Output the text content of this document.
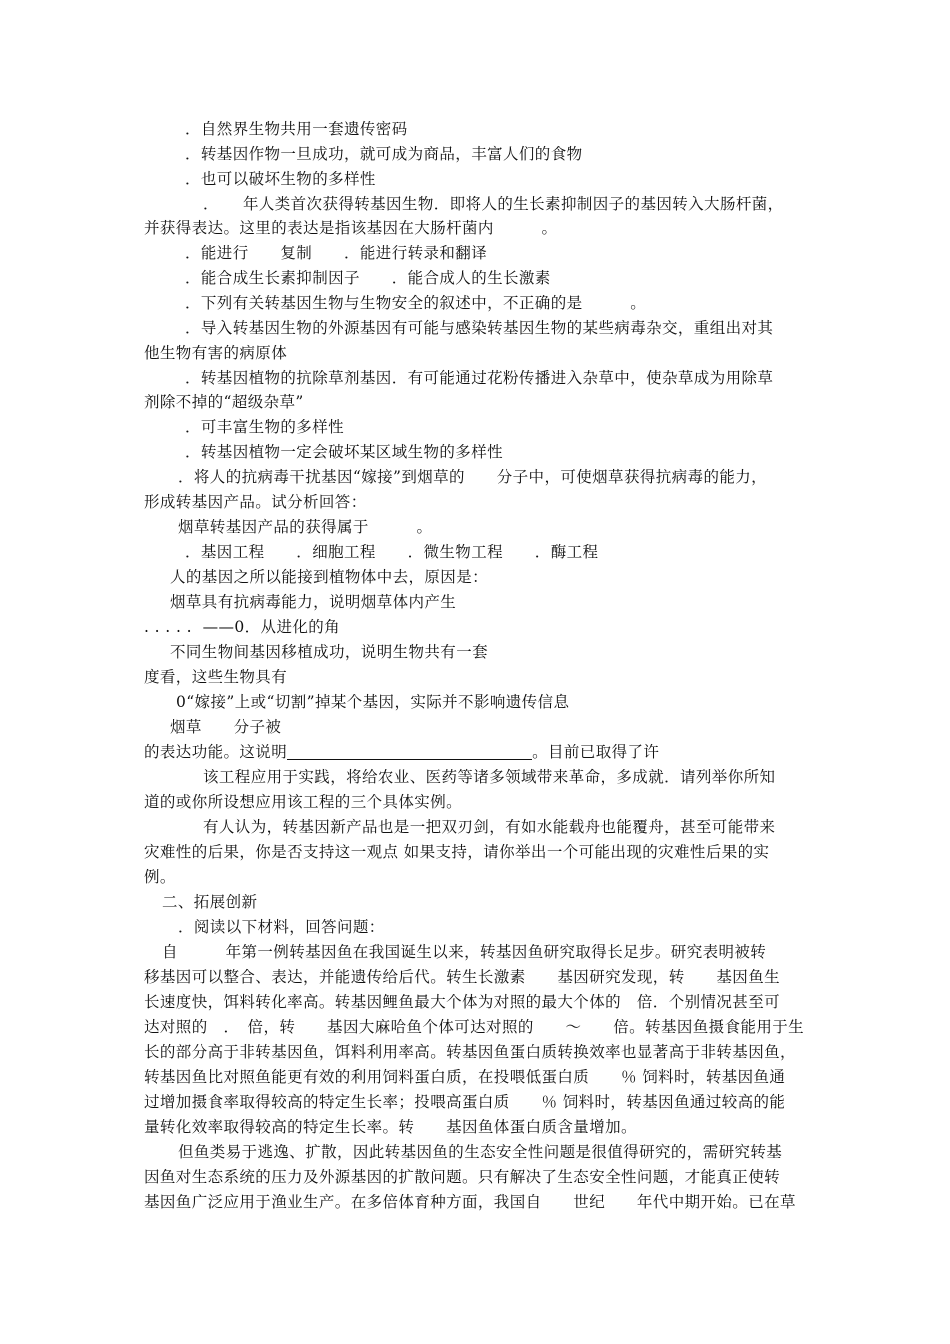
．自然界生物共用一套遗传密码

．转基因作物一旦成功，就可成为商品，丰富人们的食物

．也可以破坏生物的多样性

．　　年人类首次获得转基因生物．即将人的生长素抑制因子的基因转入大肠杆菌，

并获得表达。这里的表达是指该基因在大肠杆菌内　　　。

．能进行　　复制　　．能进行转录和翻译

．能合成生长素抑制因子　　．能合成人的生长激素

．下列有关转基因生物与生物安全的叙述中，不正确的是　　　。

．导入转基因生物的外源基因有可能与感染转基因生物的某些病毒杂交，重组出对其

他生物有害的病原体

．转基因植物的抗除草剂基因．有可能通过花粉传播进入杂草中，使杂草成为用除草

剂除不掉的“超级杂草”

．可丰富生物的多样性

．转基因植物一定会破坏某区域生物的多样性

．将人的抗病毒干扰基因“嫁接”到烟草的　　分子中，可使烟草获得抗病毒的能力，

形成转基因产品。试分析回答：

烟草转基因产品的获得属于　　　。

．基因工程　　．细胞工程　　．微生物工程　　．酶工程

人的基因之所以能接到植物体中去，原因是：

烟草具有抗病毒能力，说明烟草体内产生

. . . . .  ——0．从进化的角

不同生物间基因移植成功，说明生物共有一套

度看，这些生物具有

0“嫁接”上或“切割”掉某个基因，实际并不影响遗传信息

烟草　　分子被

的表达功能。这说明	。目前已取得了许

该工程应用于实践，将给农业、医药等诸多领域带来革命，多成就．请列举你所知

道的或你所设想应用该工程的三个具体实例。

有人认为，转基因新产品也是一把双刃剑，有如水能载舟也能覆舟，甚至可能带来

灾难性的后果，你是否支持这一观点 如果支持，请你举出一个可能出现的灾难性后果的实

例。

二、拓展创新

．阅读以下材料，回答问题：

自　　　年第一例转基因鱼在我国诞生以来，转基因鱼研究取得长足步。研究表明被转

移基因可以整合、表达，并能遗传给后代。转生长激素　　基因研究发现，转　　基因鱼生

长速度快，饵料转化率高。转基因鲤鱼最大个体为对照的最大个体的　倍．个别情况甚至可

达对照的　．　倍，转　　基因大麻哈鱼个体可达对照的　　～　　倍。转基因鱼摄食能用于生

长的部分高于非转基因鱼，饵料利用率高。转基因鱼蛋白质转换效率也显著高于非转基因鱼，

转基因鱼比对照鱼能更有效的利用饲料蛋白质，在投喂低蛋白质　　％ 饲料时，转基因鱼通

过增加摄食率取得较高的特定生长率；投喂高蛋白质　　％ 饲料时，转基因鱼通过较高的能

量转化效率取得较高的特定生长率。转　　基因鱼体蛋白质含量增加。

但鱼类易于逃逸、扩散，因此转基因鱼的生态安全性问题是很值得研究的，需研究转基

因鱼对生态系统的压力及外源基因的扩散问题。只有解决了生态安全性问题，才能真正使转

基因鱼广泛应用于渔业生产。在多倍体育种方面，我国自　　世纪　　年代中期开始。已在草
